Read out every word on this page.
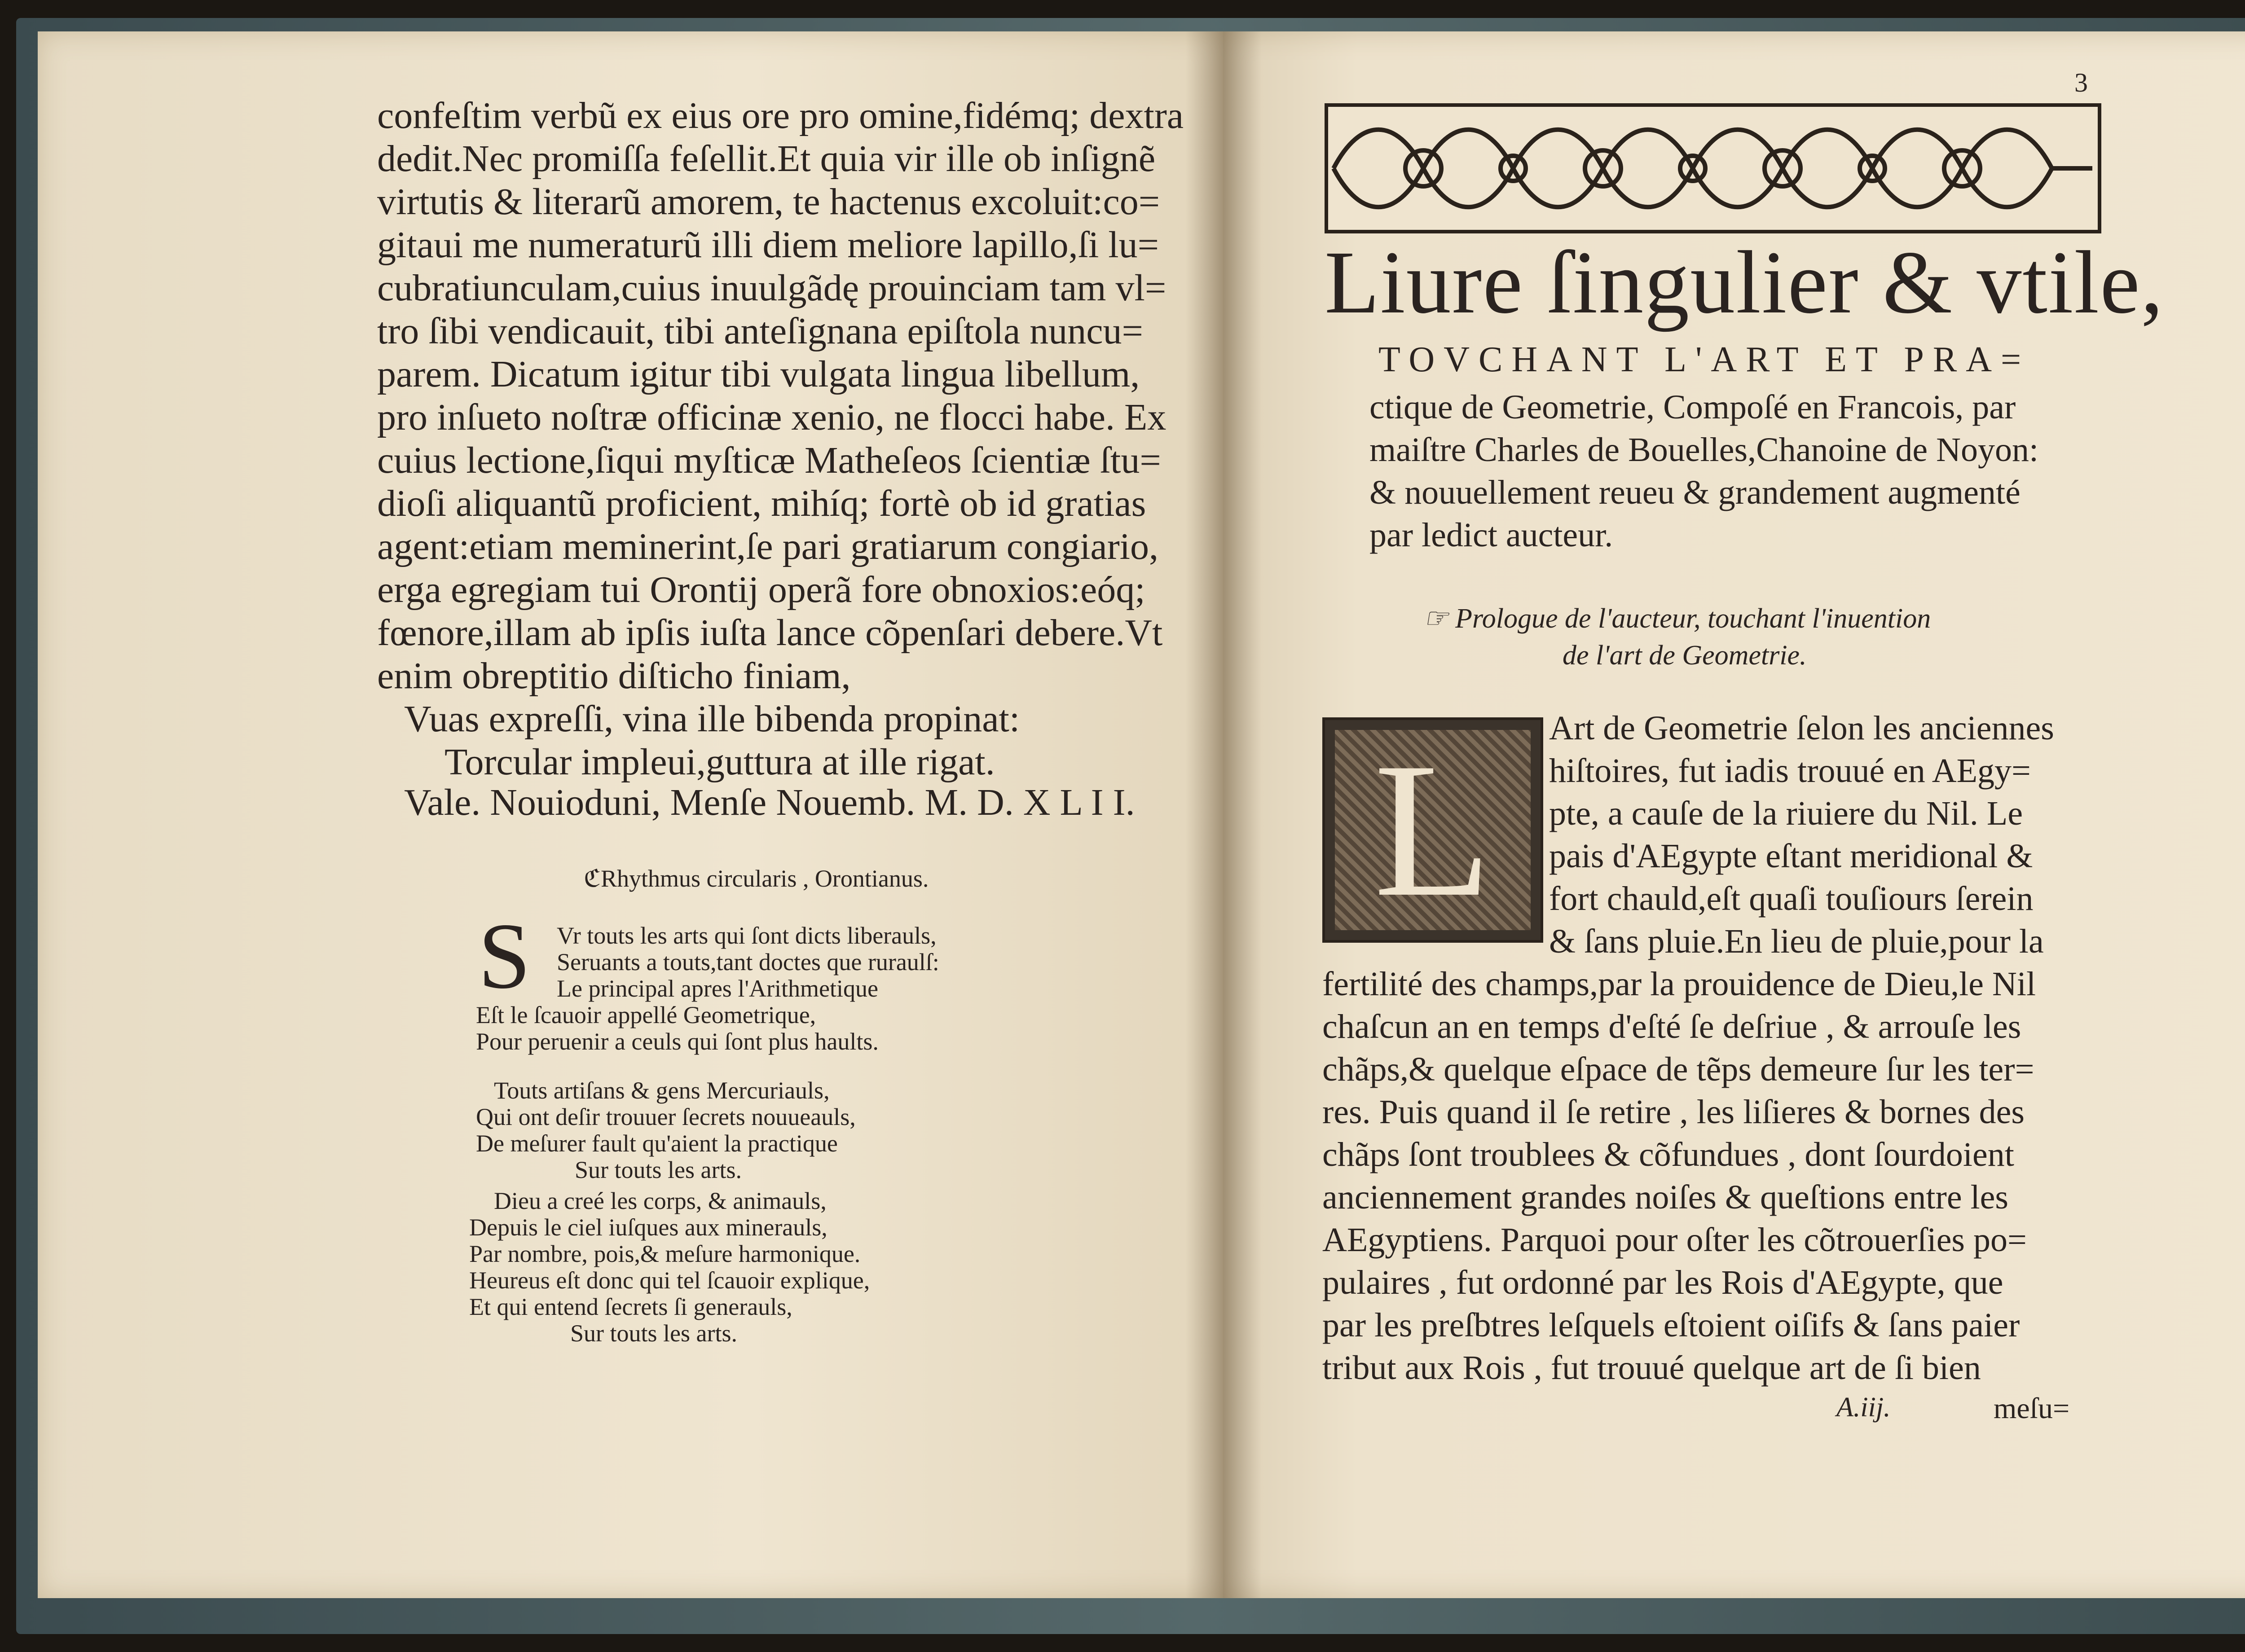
confeſtim verbũ ex eius ore pro omine,fidémq; dextra
dedit.Nec promiſſa feſellit.Et quia vir ille ob inſignẽ
virtutis & literarũ amorem, te hactenus excoluit:co=
gitaui me numeraturũ illi diem meliore lapillo,ſi lu=
cubratiunculam,cuius inuulgãdę prouinciam tam vl=
tro ſibi vendicauit, tibi anteſignana epiſtola nuncu=
parem. Dicatum igitur tibi vulgata lingua libellum,
pro inſueto noſtræ officinæ xenio, ne flocci habe. Ex
cuius lectione,ſiqui myſticæ Matheſeos ſcientiæ ſtu=
dioſi aliquantũ proficient, mihíq; fortè ob id gratias
agent:etiam meminerint,ſe pari gratiarum congiario,
erga egregiam tui Orontij operã fore obnoxios:eóq;
fœnore,illam ab ipſis iuſta lance cõpenſari debere.Vt
enim obreptitio diſticho finiam,
Vuas expreſſi, vina ille bibenda propinat:
Torcular impleui,guttura at ille rigat.
Vale. Nouioduni, Menſe Nouemb. M. D. X L I I.
ℭRhythmus circularis , Orontianus.
S Vr touts les arts qui ſont dicts liberauls,
Seruants a touts,tant doctes que ruraulſ:
Le principal apres l'Arithmetique
Eſt le ſcauoir appellé Geometrique,
Pour peruenir a ceuls qui ſont plus haults.
Touts artiſans & gens Mercuriauls,
Qui ont deſir trouuer ſecrets nouueauls,
De meſurer fault qu'aient la practique
Sur touts les arts.
Dieu a creé les corps, & animauls,
Depuis le ciel iuſques aux minerauls,
Par nombre, pois,& meſure harmonique.
Heureus eſt donc qui tel ſcauoir explique,
Et qui entend ſecrets ſi generauls,
Sur touts les arts.
3
Liure ſingulier & vtile,
TOVCHANT L'ART ET PRA=
ctique de Geometrie, Compoſé en Francois, par
maiſtre Charles de Bouelles,Chanoine de Noyon:
& nouuellement reueu & grandement augmenté
par ledict aucteur.
☞ Prologue de l'aucteur, touchant l'inuention
de l'art de Geometrie.
L	Art de Geometrie ſelon les anciennes
hiſtoires, fut iadis trouué en AEgy=
pte, a cauſe de la riuiere du Nil. Le
pais d'AEgypte eſtant meridional &
fort chauld,eſt quaſi touſiours ſerein
& ſans pluie.En lieu de pluie,pour la
fertilité des champs,par la prouidence de Dieu,le Nil
chaſcun an en temps d'eſté ſe deſriue , & arrouſe les
chãps,& quelque eſpace de tẽps demeure ſur les ter=
res. Puis quand il ſe retire , les liſieres & bornes des
chãps ſont troublees & cõfundues , dont ſourdoient
anciennement grandes noiſes & queſtions entre les
AEgyptiens. Parquoi pour oſter les cõtrouerſies po=
pulaires , fut ordonné par les Rois d'AEgypte, que
par les preſbtres leſquels eſtoient oiſifs & ſans paier
tribut aux Rois , fut trouué quelque art de ſi bien
A.iij.	meſu=
